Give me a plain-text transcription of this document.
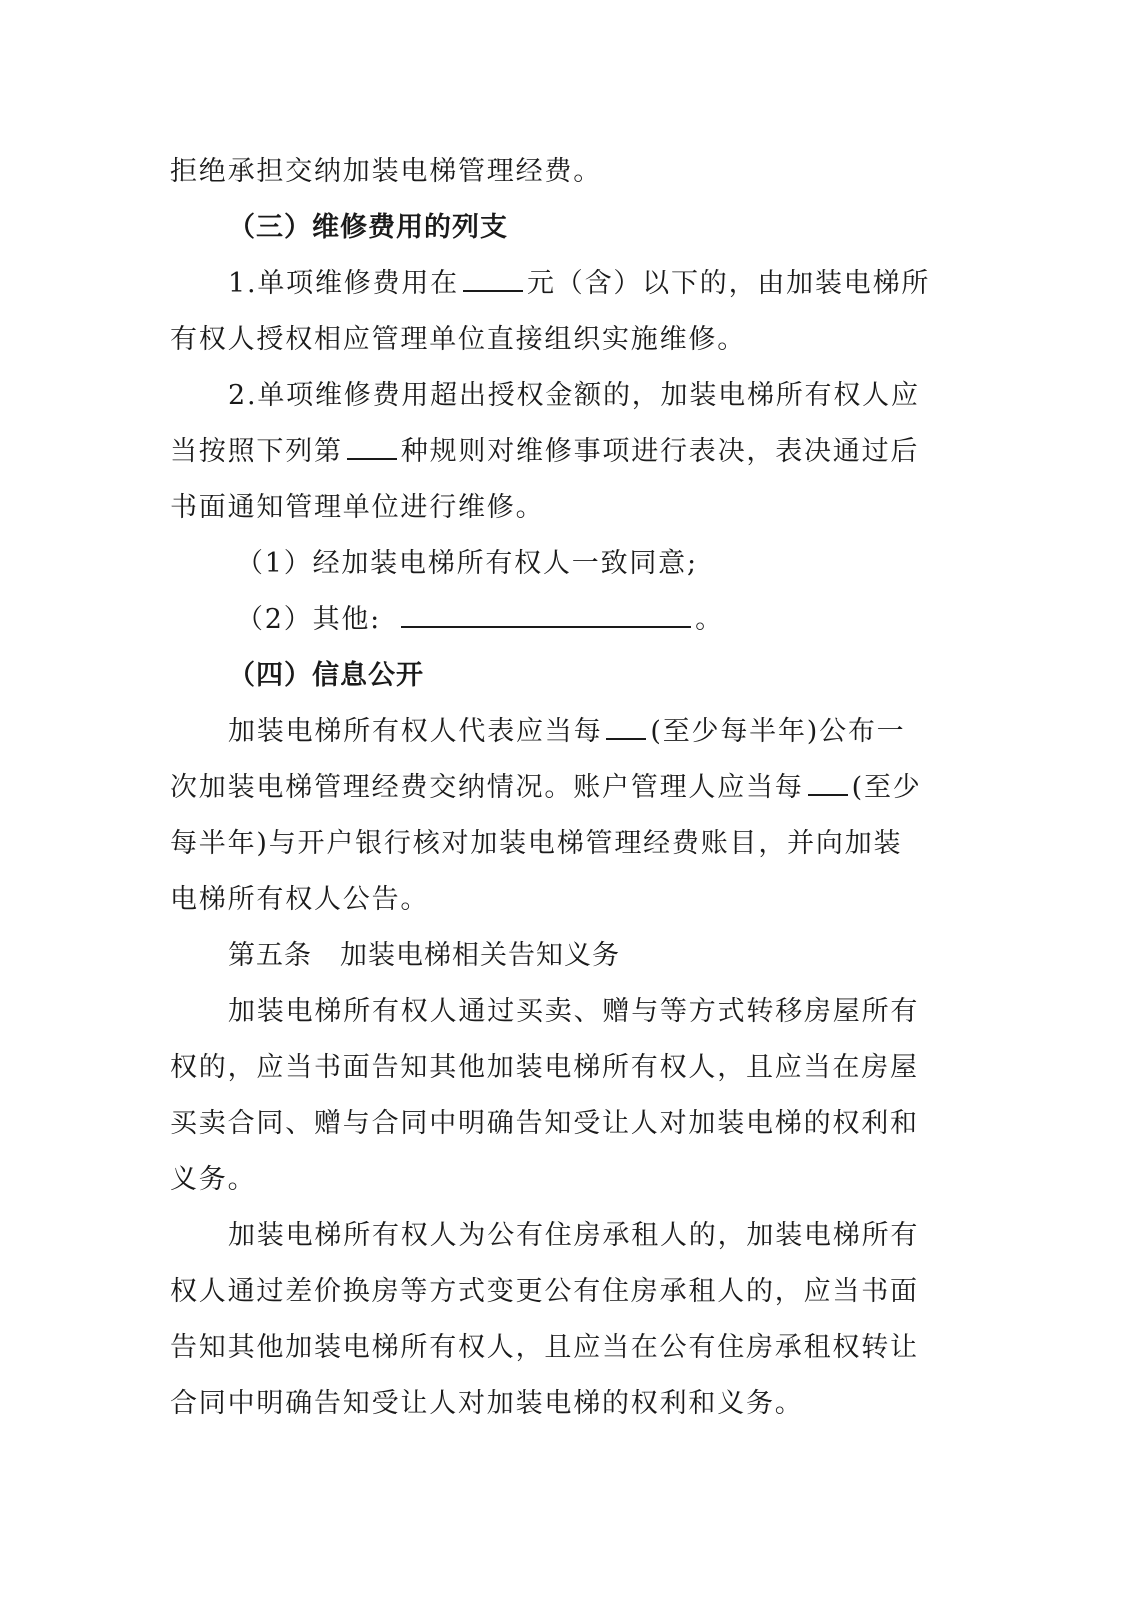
拒绝承担交纳加装电梯管理经费。
（三）维修费用的列支
1.单项维修费用在	元（含）以下的，由加装电梯所
有权人授权相应管理单位直接组织实施维修。
2.单项维修费用超出授权金额的，加装电梯所有权人应
当按照下列第 种规则对维修事项进行表决，表决通过后
书面通知管理单位进行维修。
（1）经加装电梯所有权人一致同意;
（2）其他:	。
（四）信息公开
加装电梯所有权人代表应当每 (至少每半年)公布一
次加装电梯管理经费交纳情况。账户管理人应当每 (至少
每半年)与开户银行核对加装电梯管理经费账目，并向加装
电梯所有权人公告。
第五条　加装电梯相关告知义务
加装电梯所有权人通过买卖、赠与等方式转移房屋所有
权的，应当书面告知其他加装电梯所有权人，且应当在房屋
买卖合同、赠与合同中明确告知受让人对加装电梯的权利和
义务。
加装电梯所有权人为公有住房承租人的，加装电梯所有
权人通过差价换房等方式变更公有住房承租人的，应当书面
告知其他加装电梯所有权人，且应当在公有住房承租权转让
合同中明确告知受让人对加装电梯的权利和义务。
